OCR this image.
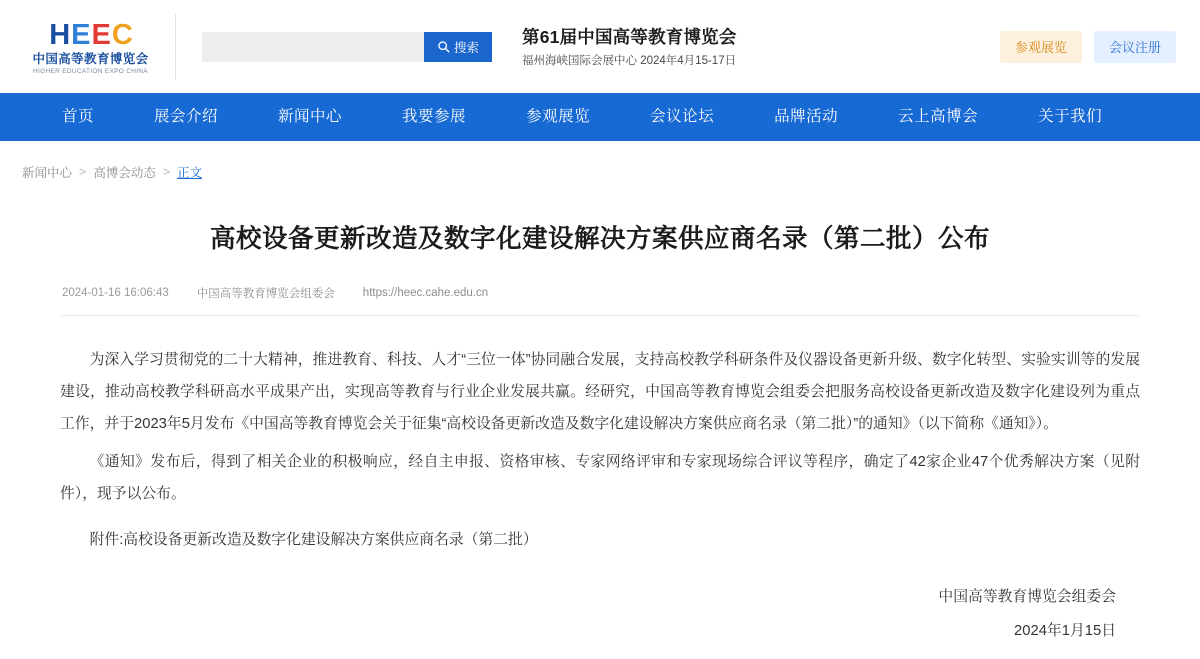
H E E C
中国高等教育博览会
HIGHER EDUCATION EXPO CHINA
搜索
第61届中国高等教育博览会
福州海峡国际会展中心 2024年4月15-17日
参观展览	会议注册
首页	展会介绍	新闻中心	我要参展	参观展览	会议论坛	品牌活动	云上高博会	关于我们
新闻中心 > 高博会动态 > 正文
高校设备更新改造及数字化建设解决方案供应商名录（第二批）公布
2024-01-16 16:06:43 中国高等教育博览会组委会 https://heec.cahe.edu.cn

为深入学习贯彻党的二十大精神，推进教育、科技、人才“三位一体”协同融合发展，支持高校教学科研条件及仪器设备更新升级、数字化转型、实验实训等的发展建设，推动高校教学科研高水平成果产出，实现高等教育与行业企业发展共赢。经研究，中国高等教育博览会组委会把服务高校设备更新改造及数字化建设列为重点工作，并于2023年5月发布《中国高等教育博览会关于征集“高校设备更新改造及数字化建设解决方案供应商名录（第二批）”的通知》（以下简称《通知》）。

《通知》发布后，得到了相关企业的积极响应，经自主申报、资格审核、专家网络评审和专家现场综合评议等程序，确定了42家企业47个优秀解决方案（见附件），现予以公布。

附件:高校设备更新改造及数字化建设解决方案供应商名录（第二批）
中国高等教育博览会组委会
2024年1月15日
